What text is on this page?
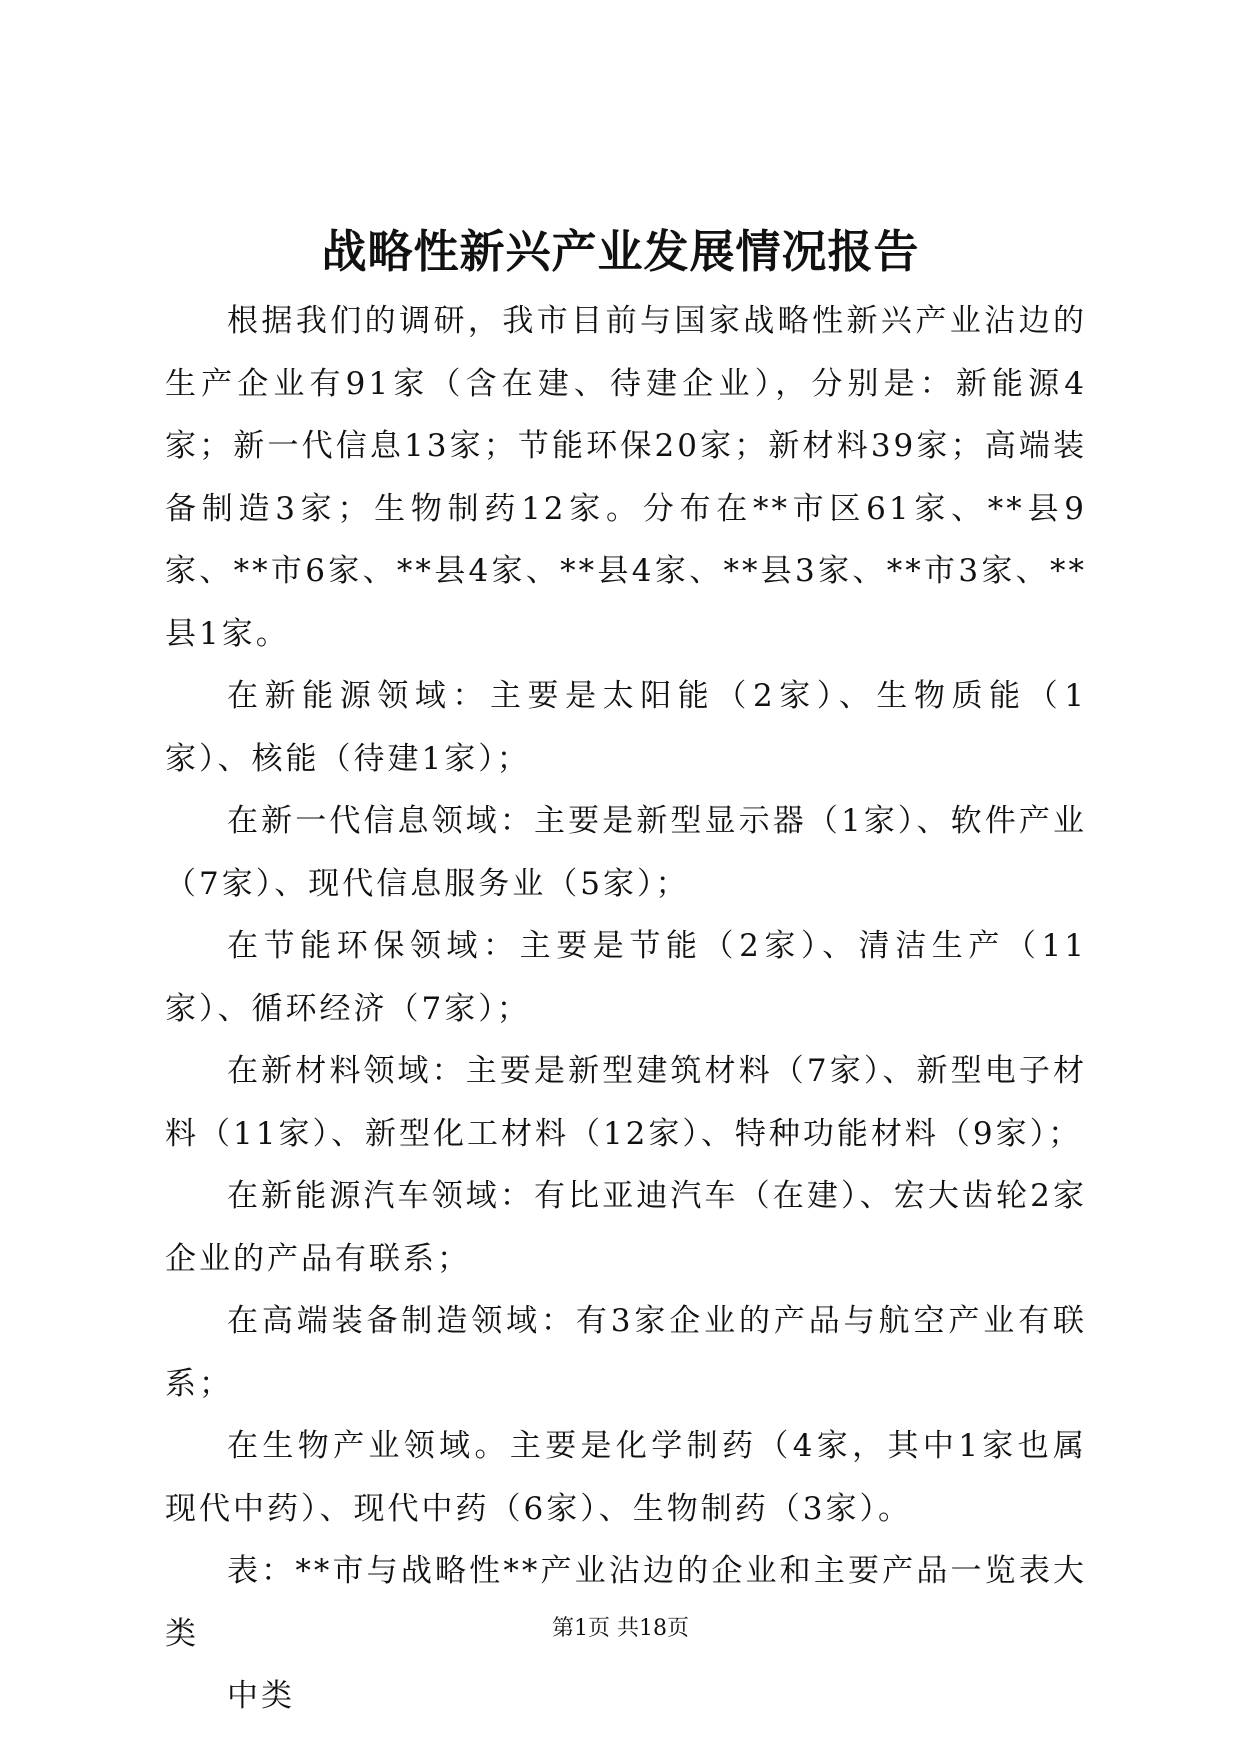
战略性新兴产业发展情况报告

根据我们的调研，我市目前与国家战略性新兴产业沾边的生产企业有91家（含在建、待建企业），分别是：新能源4家；新一代信息13家；节能环保20家；新材料39家；高端装备制造3家；生物制药12家。分布在**市区61家、**县9家、**市6家、**县4家、**县4家、**县3家、**市3家、**县1家。

在新能源领域：主要是太阳能（2家）、生物质能（1家）、核能（待建1家）；

在新一代信息领域：主要是新型显示器（1家）、软件产业（7家）、现代信息服务业（5家）；

在节能环保领域：主要是节能（2家）、清洁生产（11家）、循环经济（7家）；

在新材料领域：主要是新型建筑材料（7家）、新型电子材料（11家）、新型化工材料（12家）、特种功能材料（9家）；

在新能源汽车领域：有比亚迪汽车（在建）、宏大齿轮2家企业的产品有联系；

在高端装备制造领域：有3家企业的产品与航空产业有联系；

在生物产业领域。主要是化学制药（4家，其中1家也属现代中药）、现代中药（6家）、生物制药（3家）。

表：**市与战略性**产业沾边的企业和主要产品一览表大类

中类

第1页 共18页
